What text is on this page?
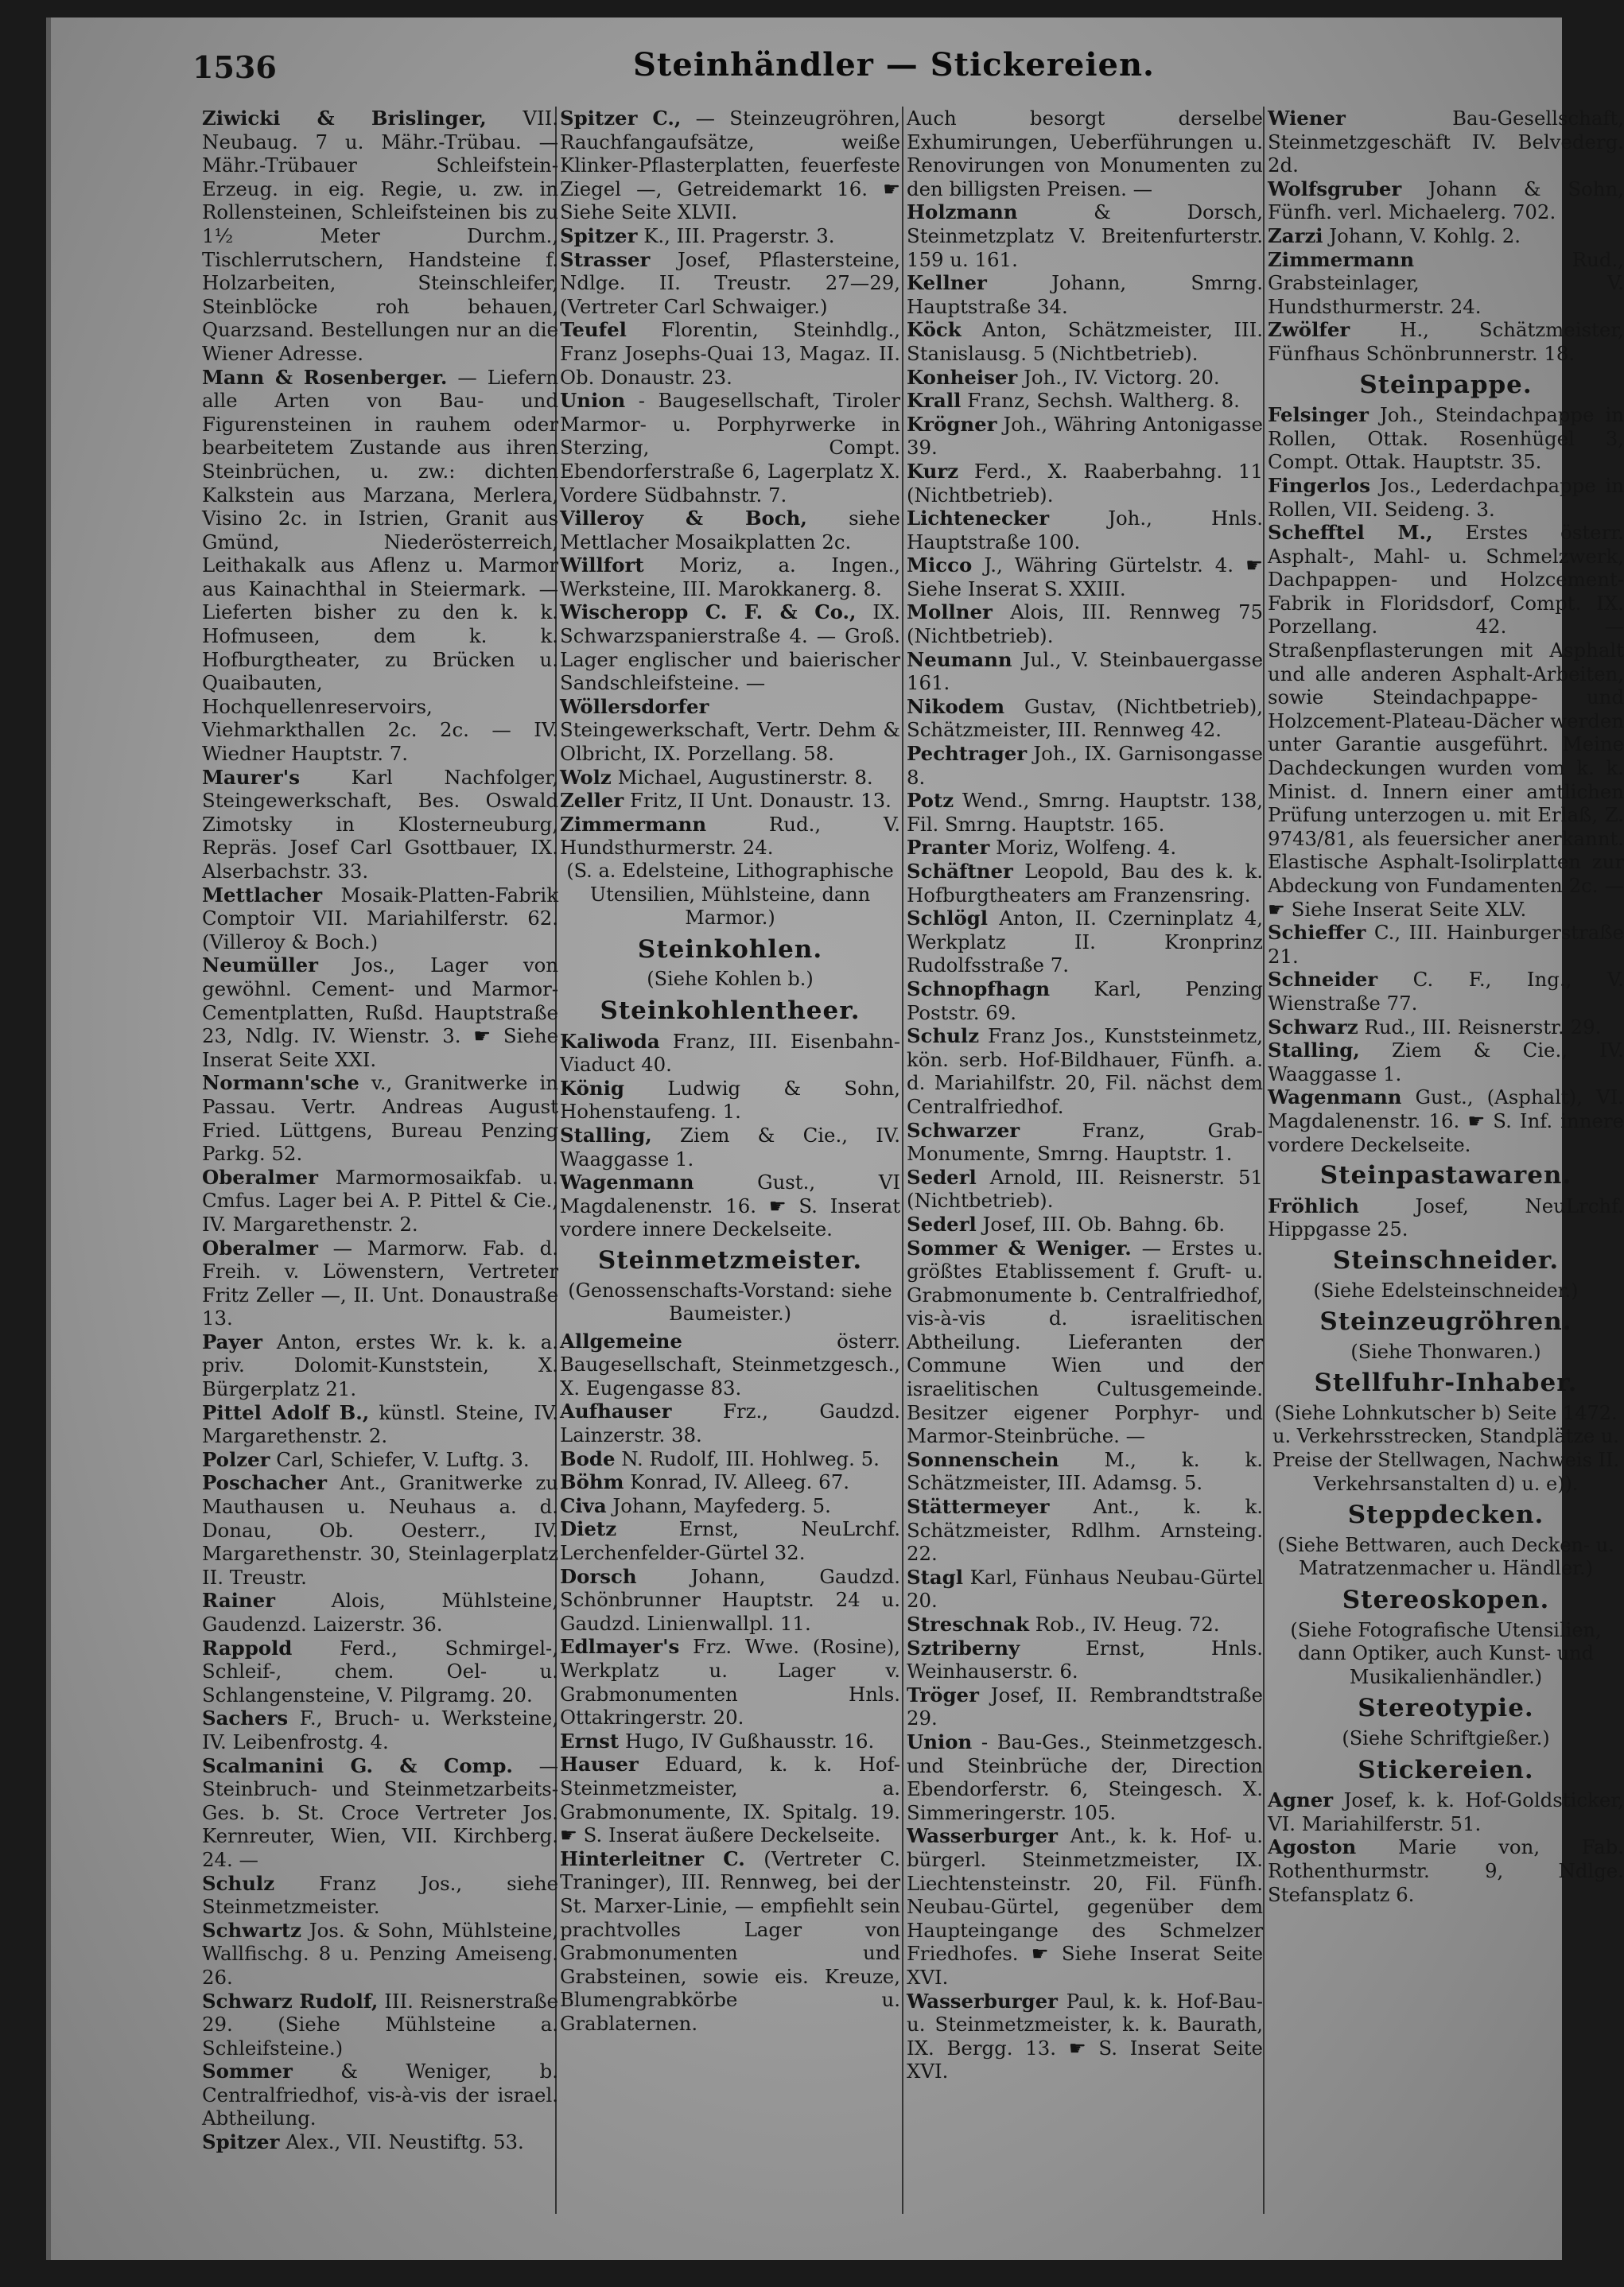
1536	Steinhändler — Stickereien.
Ziwicki & Brislinger, VII. Neubaug. 7 u. Mähr.-Trübau. — Mähr.-Trübauer Schleifstein-Erzeug. in eig. Regie, u. zw. in Rollensteinen, Schleifsteinen bis zu 1½ Meter Durchm., Tischlerrutschern, Handsteine f. Holzarbeiten, Steinschleifer, Steinblöcke roh behauen, Quarzsand. Bestellungen nur an die Wiener Adresse.
Mann & Rosenberger. — Liefern alle Arten von Bau- und Figurensteinen in rauhem oder bearbeitetem Zustande aus ihren Steinbrüchen, u. zw.: dichten Kalkstein aus Marzana, Merlera, Visino 2c. in Istrien, Granit aus Gmünd, Niederösterreich, Leithakalk aus Aflenz u. Marmor aus Kainachthal in Steiermark. — Lieferten bisher zu den k. k. Hofmuseen, dem k. k. Hofburgtheater, zu Brücken u. Quaibauten, Hochquellenreservoirs, Viehmarkthallen 2c. 2c. — IV. Wiedner Hauptstr. 7.
Maurer's	Karl Nachfolger, Steingewerkschaft, Bes. Oswald Zimotsky in Klosterneuburg, Repräs. Josef Carl Gsottbauer, IX. Alserbachstr. 33.
Mettlacher Mosaik-Platten-Fabrik Comptoir VII. Mariahilferstr. 62. (Villeroy & Boch.)
Neumüller Jos., Lager von gewöhnl. Cement- und Marmor-Cementplatten, Rußd. Hauptstraße 23, Ndlg. IV. Wienstr. 3. ☛ Siehe Inserat Seite XXI.
Normann'sche v., Granitwerke in Passau. Vertr. Andreas August Fried. Lüttgens, Bureau Penzing Parkg. 52.
Oberalmer Marmormosaikfab. u. Cmfus. Lager bei A. P. Pittel & Cie., IV. Margarethenstr. 2.
Oberalmer — Marmorw. Fab. d. Freih. v. Löwenstern, Vertreter Fritz Zeller —, II. Unt. Donaustraße 13.
Payer Anton, erstes Wr. k. k. a. priv. Dolomit-Kunststein, X. Bürgerplatz 21.
Pittel Adolf B., künstl. Steine, IV. Margarethenstr. 2.
Polzer Carl, Schiefer, V. Luftg. 3.
Poschacher Ant., Granitwerke zu Mauthausen u. Neuhaus a. d. Donau, Ob. Oesterr., IV. Margarethenstr. 30, Steinlagerplatz II. Treustr.
Rainer	Alois, Mühlsteine, Gaudenzd. Laizerstr. 36.
Rappold Ferd., Schmirgel-, Schleif-, chem. Oel- u. Schlangensteine, V. Pilgramg. 20.
Sachers F., Bruch- u. Werksteine, IV. Leibenfrostg. 4.
Scalmanini G. & Comp. — Steinbruch- und Steinmetzarbeits-Ges. b. St. Croce Vertreter Jos. Kernreuter, Wien, VII. Kirchberg. 24. —
Schulz Franz Jos., siehe Steinmetzmeister.
Schwartz Jos. & Sohn, Mühlsteine, Wallfischg. 8 u. Penzing Ameiseng. 26.
Schwarz Rudolf, III. Reisnerstraße 29. (Siehe Mühlsteine a. Schleifsteine.)
Sommer & Weniger, b. Centralfriedhof, vis-à-vis der israel. Abtheilung.
Spitzer Alex., VII. Neustiftg. 53.
Spitzer C., — Steinzeugröhren, Rauchfangaufsätze, weiße Klinker-Pflasterplatten, feuerfeste Ziegel —, Getreidemarkt 16. ☛ Siehe Seite XLVII.
Spitzer K., III. Pragerstr. 3.
Strasser Josef, Pflastersteine, Ndlge. II. Treustr. 27—29, (Vertreter Carl Schwaiger.)
Teufel Florentin, Steinhdlg., Franz Josephs-Quai 13, Magaz. II. Ob. Donaustr. 23.
Union - Baugesellschaft, Tiroler Marmor- u. Porphyrwerke in Sterzing, Compt. Ebendorferstraße 6, Lagerplatz X. Vordere Südbahnstr. 7.
Villeroy & Boch, siehe Mettlacher Mosaikplatten 2c.
Willfort Moriz, a. Ingen., Werksteine, III. Marokkanerg. 8.
Wischeropp C. F. & Co., IX. Schwarzspanierstraße 4. — Groß. Lager englischer und baierischer Sandschleifsteine. —
Wöllersdorfer Steingewerkschaft, Vertr. Dehm & Olbricht, IX. Porzellang. 58.
Wolz Michael, Augustinerstr. 8.
Zeller Fritz, II Unt. Donaustr. 13.
Zimmermann	Rud., V. Hundsthurmerstr. 24.
(S. a. Edelsteine, Lithographische Utensilien, Mühlsteine, dann Marmor.)
Steinkohlen.
(Siehe Kohlen b.)
Steinkohlentheer.
Kaliwoda Franz, III. Eisenbahn-Viaduct 40.
König Ludwig & Sohn, Hohenstaufeng. 1.
Stalling, Ziem & Cie., IV. Waaggasse 1.
Wagenmann	Gust., VI Magdalenenstr. 16. ☛ S. Inserat vordere innere Deckelseite.
Steinmetzmeister.
(Genossenschafts-Vorstand: siehe Baumeister.)
Allgemeine	österr. Baugesellschaft, Steinmetzgesch., X. Eugengasse 83.
Aufhauser	Frz., Gaudzd. Lainzerstr. 38.
Bode N. Rudolf, III. Hohlweg. 5.
Böhm Konrad, IV. Alleeg. 67.
Civa Johann, Mayfederg. 5.
Dietz	Ernst, NeuLrchf. Lerchenfelder-Gürtel 32.
Dorsch	Johann, Gaudzd. Schönbrunner Hauptstr. 24 u. Gaudzd. Linienwallpl. 11.
Edlmayer's Frz. Wwe. (Rosine), Werkplatz u. Lager v. Grabmonumenten Hnls. Ottakringerstr. 20.
Ernst Hugo, IV Gußhausstr. 16.
Hauser Eduard, k. k. Hof-Steinmetzmeister, a. Grabmonumente, IX. Spitalg. 19. ☛ S. Inserat äußere Deckelseite.
Hinterleitner C. (Vertreter C. Traninger), III. Rennweg, bei der St. Marxer-Linie, — empfiehlt sein prachtvolles Lager von Grabmonumenten und Grabsteinen, sowie eis. Kreuze, Blumengrabkörbe u. Grablaternen.
Auch besorgt derselbe Exhumirungen, Ueberführungen u. Renovirungen von Monumenten zu den billigsten Preisen. —
Holzmann	& Dorsch, Steinmetzplatz V. Breitenfurterstr. 159 u. 161.
Kellner	Johann, Smrng. Hauptstraße 34.
Köck Anton, Schätzmeister, III. Stanislausg. 5 (Nichtbetrieb).
Konheiser Joh., IV. Victorg. 20.
Krall Franz, Sechsh. Waltherg. 8.
Krögner Joh., Währing Antonigasse 39.
Kurz Ferd., X. Raaberbahng. 11 (Nichtbetrieb).
Lichtenecker	Joh., Hnls. Hauptstraße 100.
Micco J., Währing Gürtelstr. 4. ☛ Siehe Inserat S. XXIII.
Mollner Alois, III. Rennweg 75 (Nichtbetrieb).
Neumann Jul., V. Steinbauergasse 161.
Nikodem Gustav, (Nichtbetrieb), Schätzmeister, III. Rennweg 42.
Pechtrager Joh., IX. Garnisongasse 8.
Potz Wend., Smrng. Hauptstr. 138, Fil. Smrng. Hauptstr. 165.
Pranter Moriz, Wolfeng. 4.
Schäftner Leopold, Bau des k. k. Hofburgtheaters am Franzensring.
Schlögl Anton, II. Czerninplatz 4, Werkplatz II. Kronprinz Rudolfsstraße 7.
Schnopfhagn Karl, Penzing Poststr. 69.
Schulz Franz Jos., Kunststeinmetz, kön. serb. Hof-Bildhauer, Fünfh. a. d. Mariahilfstr. 20, Fil. nächst dem Centralfriedhof.
Schwarzer	Franz, Grab-Monumente, Smrng. Hauptstr. 1.
Sederl Arnold, III. Reisnerstr. 51 (Nichtbetrieb).
Sederl Josef, III. Ob. Bahng. 6b.
Sommer & Weniger. — Erstes u. größtes Etablissement f. Gruft- u. Grabmonumente b. Centralfriedhof, vis-à-vis d. israelitischen Abtheilung. Lieferanten der Commune Wien und der israelitischen Cultusgemeinde. Besitzer eigener Porphyr- und Marmor-Steinbrüche. —
Sonnenschein M., k. k. Schätzmeister, III. Adamsg. 5.
Stättermeyer Ant., k. k. Schätzmeister, Rdlhm. Arnsteing. 22.
Stagl Karl, Fünhaus Neubau-Gürtel 20.
Streschnak Rob., IV. Heug. 72.
Sztriberny	Ernst, Hnls. Weinhauserstr. 6.
Tröger Josef, II. Rembrandtstraße 29.
Union - Bau-Ges., Steinmetzgesch. und Steinbrüche der, Direction Ebendorferstr. 6, Steingesch. X. Simmeringerstr. 105.
Wasserburger Ant., k. k. Hof- u. bürgerl. Steinmetzmeister, IX. Liechtensteinstr. 20, Fil. Fünfh. Neubau-Gürtel, gegenüber dem Haupteingange des Schmelzer Friedhofes. ☛ Siehe Inserat Seite XVI.
Wasserburger Paul, k. k. Hof-Bau- u. Steinmetzmeister, k. k. Baurath, IX. Bergg. 13. ☛ S. Inserat Seite XVI.
Wiener	Bau-Gesellschaft, Steinmetzgeschäft IV. Belvederg. 2d.
Wolfsgruber Johann & Sohn, Fünfh. verl. Michaelerg. 702.
Zarzi Johann, V. Kohlg. 2.
Zimmermann	Rud., Grabsteinlager, V. Hundsthurmerstr. 24.
Zwölfer	H., Schätzmeister, Fünfhaus Schönbrunnerstr. 18.
Steinpappe.
Felsinger Joh., Steindachpappe in Rollen, Ottak. Rosenhügel 3, Compt. Ottak. Hauptstr. 35.
Fingerlos Jos., Lederdachpappe in Rollen, VII. Seideng. 3.
Schefftel M., Erstes österr. Asphalt-, Mahl- u. Schmelzwerk, Dachpappen- und Holzcement-Fabrik in Floridsdorf, Compt. IX. Porzellang. 42. — Straßenpflasterungen mit Asphalt und alle anderen Asphalt-Arbeiten, sowie Steindachpappe- und Holzcement-Plateau-Dächer werden unter Garantie ausgeführt. Meine Dachdeckungen wurden vom k. k. Minist. d. Innern einer amtlichen Prüfung unterzogen u. mit Erlaß, Z. 9743/81, als feuersicher anerkannt. Elastische Asphalt-Isolirplatten zur Abdeckung von Fundamenten 2c. — ☛ Siehe Inserat Seite XLV.
Schieffer C., III. Hainburgerstraße 21.
Schneider C. F., Ing., V. Wienstraße 77.
Schwarz Rud., III. Reisnerstr. 29.
Stalling, Ziem & Cie., IV. Waaggasse 1.
Wagenmann Gust., (Asphalt), VI. Magdalenenstr. 16. ☛ S. Inf. innere vordere Deckelseite.
Steinpastawaren.
Fröhlich	Josef, NeuLrchf. Hippgasse 25.
Steinschneider.
(Siehe Edelsteinschneider.)
Steinzeugröhren.
(Siehe Thonwaren.)
Stellfuhr-Inhaber.
(Siehe Lohnkutscher b) Seite 1472. u. Verkehrsstrecken, Standplätze u. Preise der Stellwagen, Nachweis II. Verkehrsanstalten d) u. e)).
Steppdecken.
(Siehe Bettwaren, auch Decken- u. Matratzenmacher u. Händler.)
Stereoskopen.
(Siehe Fotografische Utensilien, dann Optiker, auch Kunst- und Musikalienhändler.)
Stereotypie.
(Siehe Schriftgießer.)
Stickereien.
Agner Josef, k. k. Hof-Goldsticker, VI. Mariahilferstr. 51.
Agoston Marie von, Fab. Rothenthurmstr. 9, Ndlge. Stefansplatz 6.
